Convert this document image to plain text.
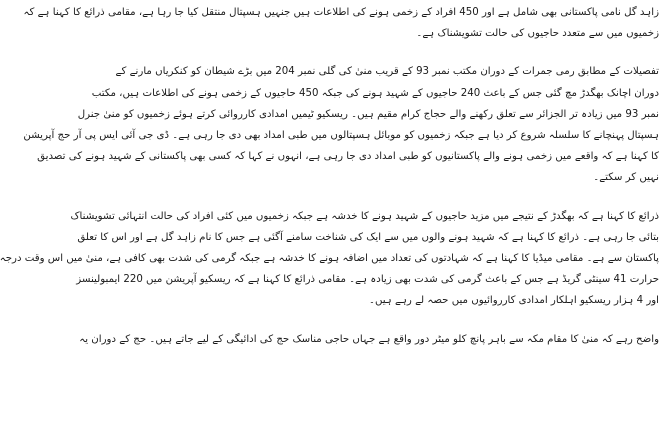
زاہد گل نامی پاکستانی بھی شامل ہے اور 450 افراد کے زخمی ہونے کی اطلاعات ہیں جنہیں ہسپتال منتقل کیا جا رہا ہے، مقامی ذرائع کا کہنا ہے کہ
زخمیوں میں سے متعدد حاجیوں کی حالت تشویشناک ہے۔
تفصیلات کے مطابق رمی جمرات کے دوران مکتب نمبر 93 کے قریب منیٰ کی گلی نمبر 204 میں بڑے شیطان کو کنکریاں مارنے کے
دوران اچانک بھگدڑ مچ گئی جس کے باعث 240 حاجیوں کے شہید ہونے کی جبکہ 450 حاجیوں کے زخمی ہونے کی اطلاعات ہیں، مکتب
نمبر 93 میں زیادہ تر الجزائر سے تعلق رکھنے والے حجاج کرام مقیم ہیں۔ ریسکیو ٹیمیں امدادی کارروائی کرتے ہوئے زخمیوں کو منیٰ جنرل
ہسپتال پہنچانے کا سلسلہ شروع کر دیا ہے جبکہ زخمیوں کو موبائل ہسپتالوں میں طبی امداد بھی دی جا رہی ہے۔ ڈی جی آئی ایس پی آر حج آپریشن
کا کہنا ہے کہ واقعے میں زخمی ہونے والے پاکستانیوں کو طبی امداد دی جا رہی ہے، انہوں نے کہا کہ کسی بھی پاکستانی کے شہید ہونے کی تصدیق
نہیں کر سکتے۔
ذرائع کا کہنا ہے کہ بھگدڑ کے نتیجے میں مزید حاجیوں کے شہید ہونے کا خدشہ ہے جبکہ زخمیوں میں کئی افراد کی حالت انتہائی تشویشناک
بتائی جا رہی ہے۔ ذرائع کا کہنا ہے کہ شہید ہونے والوں میں سے ایک کی شناخت سامنے آگئی ہے جس کا نام زاہد گل ہے اور اس کا تعلق
پاکستان سے ہے۔ مقامی میڈیا کا کہنا ہے کہ شہادتوں کی تعداد میں اضافہ ہونے کا خدشہ ہے جبکہ گرمی کی شدت بھی کافی ہے، منیٰ میں اس وقت درجہ
حرارت 41 سینٹی گریڈ ہے جس کے باعث گرمی کی شدت بھی زیادہ ہے۔ مقامی ذرائع کا کہنا ہے کہ ریسکیو آپریشن میں 220 ایمبولینسز
اور 4 ہزار ریسکیو اہلکار امدادی کارروائیوں میں حصہ لے رہے ہیں۔
واضح رہے کہ منیٰ کا مقام مکہ سے باہر پانچ کلو میٹر دور واقع ہے جہاں حاجی مناسک حج کی ادائیگی کے لیے جاتے ہیں۔ حج کے دوران یہ
